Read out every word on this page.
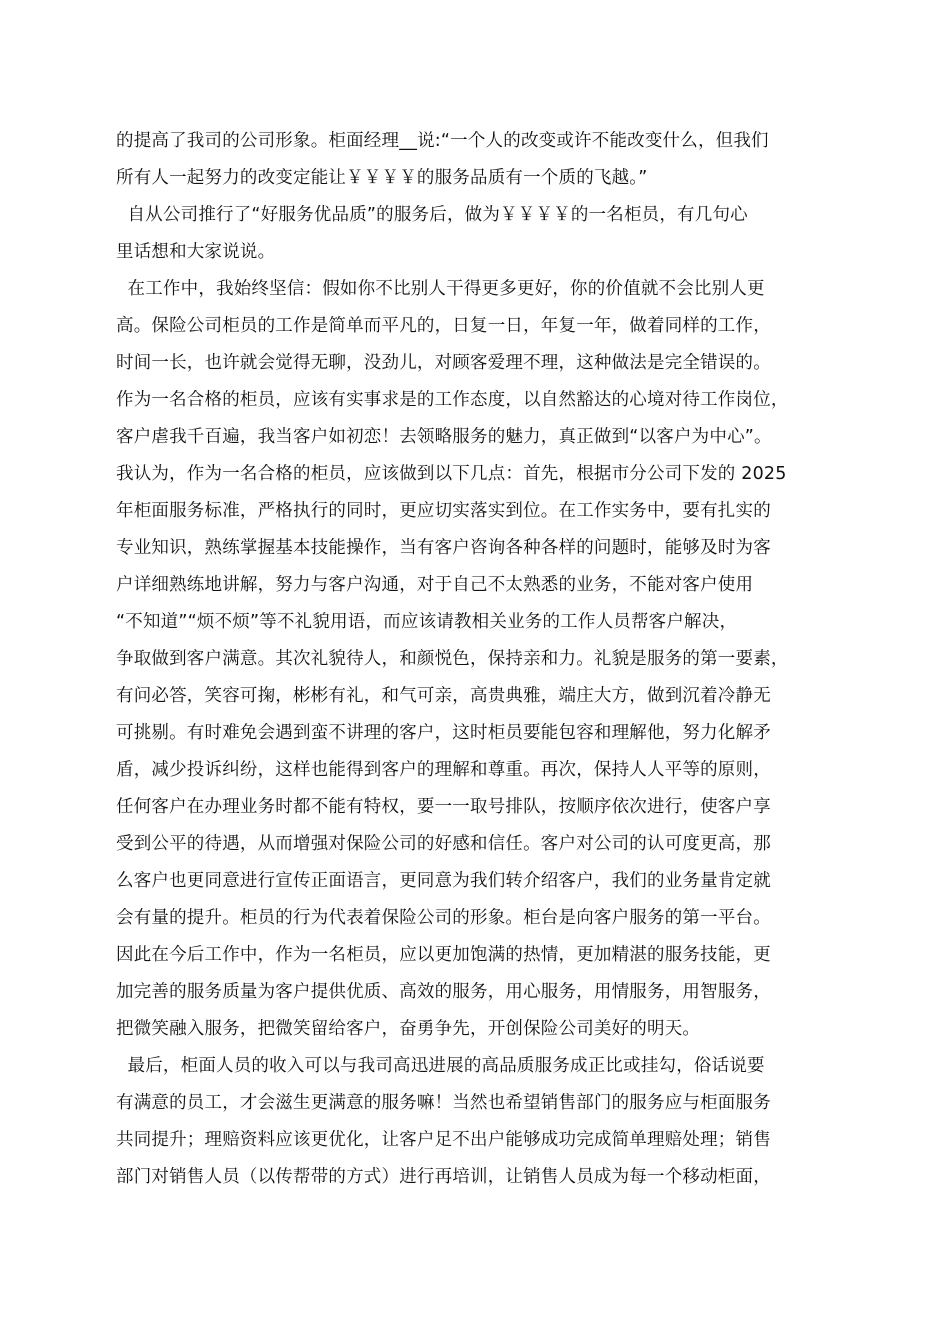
的提高了我司的公司形象。柜面经理__说:“一个人的改变或许不能改变什么，但我们
所有人一起努力的改变定能让￥￥￥￥的服务品质有一个质的飞越。”
自从公司推行了“好服务优品质”的服务后，做为￥￥￥￥的一名柜员，有几句心
里话想和大家说说。
在工作中，我始终坚信：假如你不比别人干得更多更好，你的价值就不会比别人更
高。保险公司柜员的工作是简单而平凡的，日复一日，年复一年，做着同样的工作，
时间一长，也许就会觉得无聊，没劲儿，对顾客爱理不理，这种做法是完全错误的。
作为一名合格的柜员，应该有实事求是的工作态度，以自然豁达的心境对待工作岗位，
客户虐我千百遍，我当客户如初恋！去领略服务的魅力，真正做到“以客户为中心”。
我认为，作为一名合格的柜员，应该做到以下几点：首先，根据市分公司下发的 2025
年柜面服务标准，严格执行的同时，更应切实落实到位。在工作实务中，要有扎实的
专业知识，熟练掌握基本技能操作，当有客户咨询各种各样的问题时，能够及时为客
户详细熟练地讲解，努力与客户沟通，对于自己不太熟悉的业务，不能对客户使用
“不知道”“烦不烦”等不礼貌用语，而应该请教相关业务的工作人员帮客户解决，
争取做到客户满意。其次礼貌待人，和颜悦色，保持亲和力。礼貌是服务的第一要素，
有问必答，笑容可掬，彬彬有礼，和气可亲，高贵典雅，端庄大方，做到沉着冷静无
可挑剔。有时难免会遇到蛮不讲理的客户，这时柜员要能包容和理解他，努力化解矛
盾，减少投诉纠纷，这样也能得到客户的理解和尊重。再次，保持人人平等的原则，
任何客户在办理业务时都不能有特权，要一一取号排队，按顺序依次进行，使客户享
受到公平的待遇，从而增强对保险公司的好感和信任。客户对公司的认可度更高，那
么客户也更同意进行宣传正面语言，更同意为我们转介绍客户，我们的业务量肯定就
会有量的提升。柜员的行为代表着保险公司的形象。柜台是向客户服务的第一平台。
因此在今后工作中，作为一名柜员，应以更加饱满的热情，更加精湛的服务技能，更
加完善的服务质量为客户提供优质、高效的服务，用心服务，用情服务，用智服务，
把微笑融入服务，把微笑留给客户，奋勇争先，开创保险公司美好的明天。
最后，柜面人员的收入可以与我司高迅进展的高品质服务成正比或挂勾，俗话说要
有满意的员工，才会滋生更满意的服务嘛！当然也希望销售部门的服务应与柜面服务
共同提升；理赔资料应该更优化，让客户足不出户能够成功完成简单理赔处理；销售
部门对销售人员（以传帮带的方式）进行再培训，让销售人员成为每一个移动柜面，
